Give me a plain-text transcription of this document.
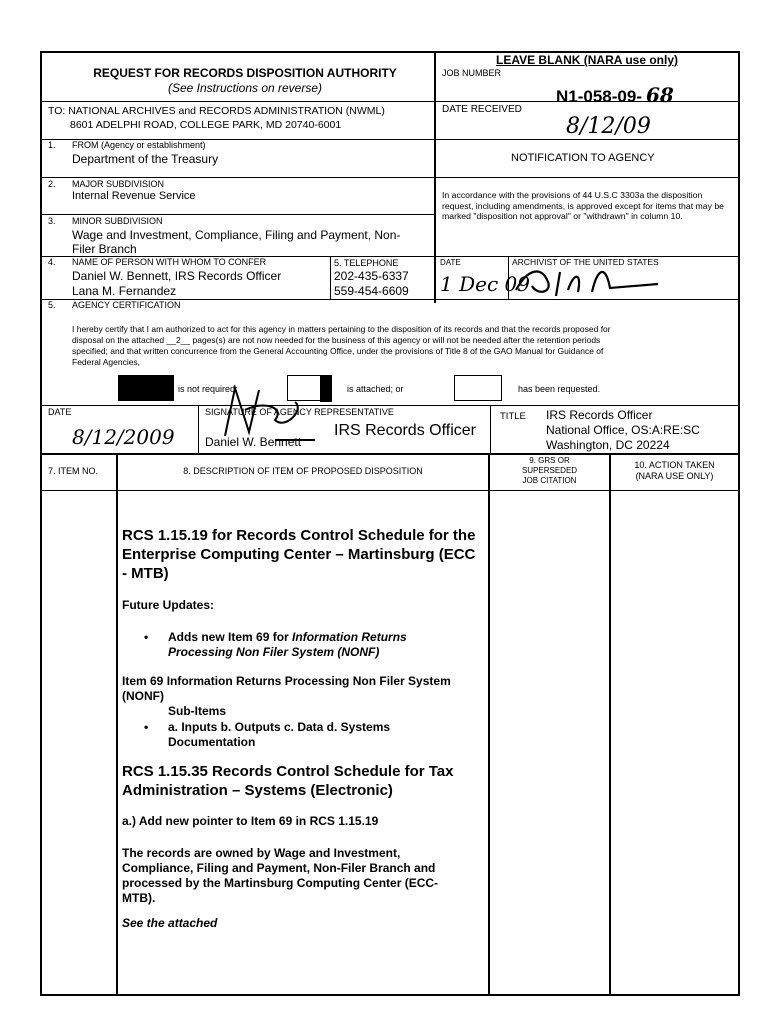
REQUEST FOR RECORDS DISPOSITION AUTHORITY
(See Instructions on reverse)
LEAVE BLANK (NARA use only)
JOB NUMBER
N1-058-09- 68
TO: NATIONAL ARCHIVES and RECORDS ADMINISTRATION (NWML)
8601 ADELPHI ROAD, COLLEGE PARK, MD 20740-6001
DATE RECEIVED
8/12/09
1. FROM (Agency or establishment)
Department of the Treasury	NOTIFICATION TO AGENCY
2. MAJOR SUBDIVISION
Internal Revenue Service	In accordance with the provisions of 44 U.S.C 3303a the disposition request, including amendments, is approved except for items that may be marked "disposition not approval" or "withdrawn" in column 10.
3. MINOR SUBDIVISION
Wage and Investment, Compliance, Filing and Payment, Non-
Filer Branch
4. NAME OF PERSON WITH WHOM TO CONFER
Daniel W. Bennett, IRS Records Officer
Lana M. Fernandez
5. TELEPHONE
202-435-6337
559-454-6609
DATE
1 Dec 09
ARCHIVIST OF THE UNITED STATES
5. AGENCY CERTIFICATION
I hereby certify that I am authorized to act for this agency in matters pertaining to the disposition of its records and that the records proposed for
disposal on the attached __2__ pages(s) are not now needed for the business of this agency or will not be needed after the retention periods
specified; and that written concurrence from the General Accounting Office, under the provisions of Title 8 of the GAO Manual for Guidance of
Federal Agencies,
is not required;	is attached; or	has been requested.
DATE
8/12/2009
SIGNATURE OF AGENCY REPRESENTATIVE
Daniel W. Bennett
IRS Records Officer
TITLE IRS Records Officer
National Office, OS:A:RE:SC
Washington, DC 20224
7. ITEM NO.	8. DESCRIPTION OF ITEM OF PROPOSED DISPOSITION
9. GRS OR
SUPERSEDED
JOB CITATION
10. ACTION TAKEN
(NARA USE ONLY)
RCS 1.15.19 for Records Control Schedule for the Enterprise Computing Center – Martinsburg (ECC - MTB)
Future Updates:
• Adds new Item 69 for Information Returns Processing Non Filer System (NONF)
Item 69 Information Returns Processing Non Filer System (NONF)
Sub-Items
• a. Inputs b. Outputs c. Data d. Systems Documentation
RCS 1.15.35 Records Control Schedule for Tax Administration – Systems (Electronic)
a.) Add new pointer to Item 69 in RCS 1.15.19
The records are owned by Wage and Investment, Compliance, Filing and Payment, Non-Filer Branch and processed by the Martinsburg Computing Center (ECC-MTB).
See the attached
